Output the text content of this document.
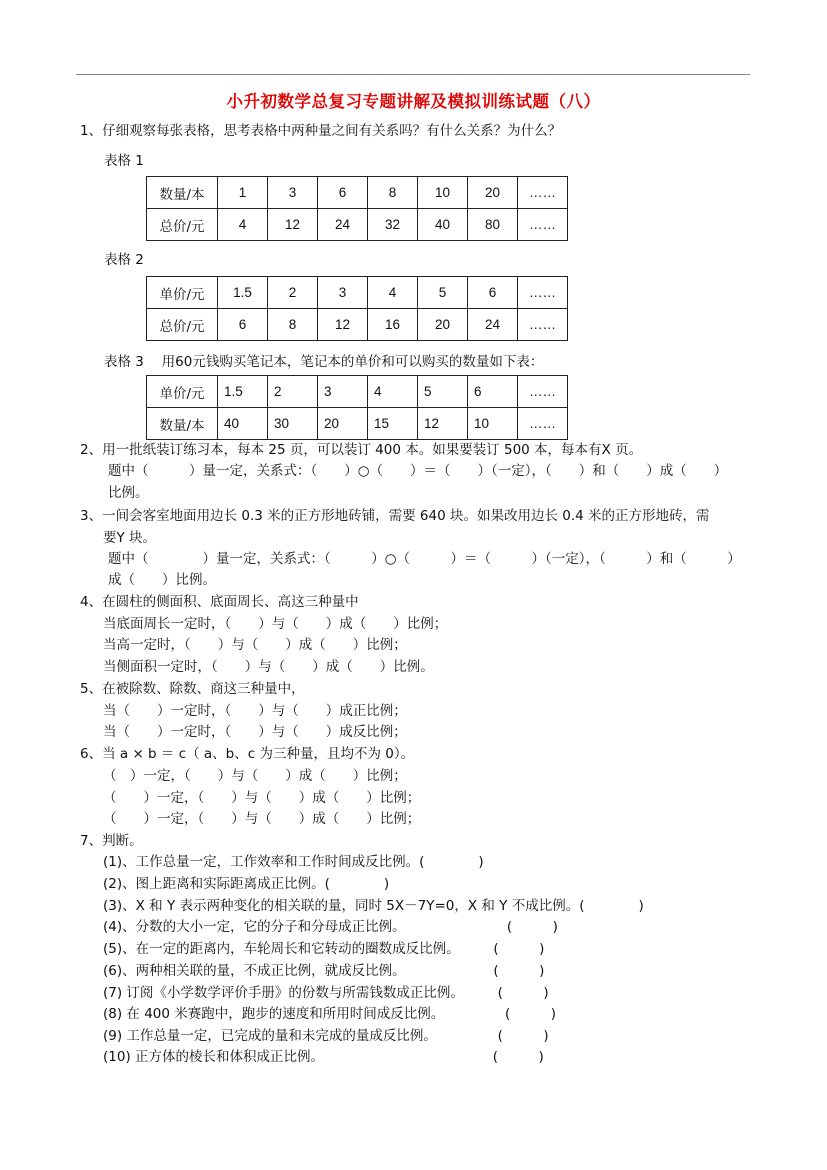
小升初数学总复习专题讲解及模拟训练试题（八）
1、仔细观察每张表格，思考表格中两种量之间有关系吗？有什么关系？为什么？
表格 1
数量/本	1	3	6	8	10	20	……
总价/元	4	12	24	32	40	80	……
表格 2
单价/元	1.5	2	3	4	5	6	……
总价/元	6	8	12	16	20	24	……
表格 3　 用60元钱购买笔记本，笔记本的单价和可以购买的数量如下表：
单价/元	1.5	2	3	4	5	6	……
数量/本	40	30	20	15	12	10	……
2、用一批纸装订练习本，每本 25 页，可以装订 400 本。如果要装订 500 本，每本有X 页。
题中（　　　）量一定，关系式：（　　）○（　　）＝（　　）（一定），（　　）和（　　）成（　　）
比例。
3、一间会客室地面用边长 0.3 米的正方形地砖铺，需要 640 块。如果改用边长 0.4 米的正方形地砖，需
要Y 块。
题中（　　　　）量一定，关系式：（　　　）○（　　　）＝（　　　）（一定），（　　　）和（　　　）
成（　　）比例。
4、在圆柱的侧面积、底面周长、高这三种量中
当底面周长一定时，（　　）与（　　）成（　　）比例；
当高一定时，（　　）与（　　）成（　　）比例；
当侧面积一定时，（　　）与（　　）成（　　）比例。
5、在被除数、除数、商这三种量中，
当（　　）一定时，（　　）与（　　）成正比例；
当（　　）一定时，（　　）与（　　）成反比例；
6、当 a × b ＝ c（ a、b、c 为三种量，且均不为 0）。
（　）一定，（　　）与（　　）成（　　）比例；
（　　）一定，（　　）与（　　）成（　　）比例；
（　　）一定，（　　）与（　　）成（　　）比例；
7、判断。
(1)、工作总量一定，工作效率和工作时间成反比例。(　　　　)
(2)、图上距离和实际距离成正比例。(　　　　)
(3)、X 和 Y 表示两种变化的相关联的量，同时 5X－7Y=0，X 和 Y 不成比例。(　　　　)
(4)、分数的大小一定，它的分子和分母成正比例。　　　　　　　　(　　　)
(5)、在一定的距离内，车轮周长和它转动的圈数成反比例。　　　(　　　)
(6)、两种相关联的量，不成正比例，就成反比例。　　　　　　　(　　　)
(7) 订阅《小学数学评价手册》的份数与所需钱数成正比例。　　　(　　　)
(8) 在 400 米赛跑中，跑步的速度和所用时间成反比例。　　　　　(　　　)
(9) 工作总量一定，已完成的量和未完成的量成反比例。　　　　　(　　　)
(10) 正方体的棱长和体积成正比例。　　　　　　　　　　　　　(　　　)
